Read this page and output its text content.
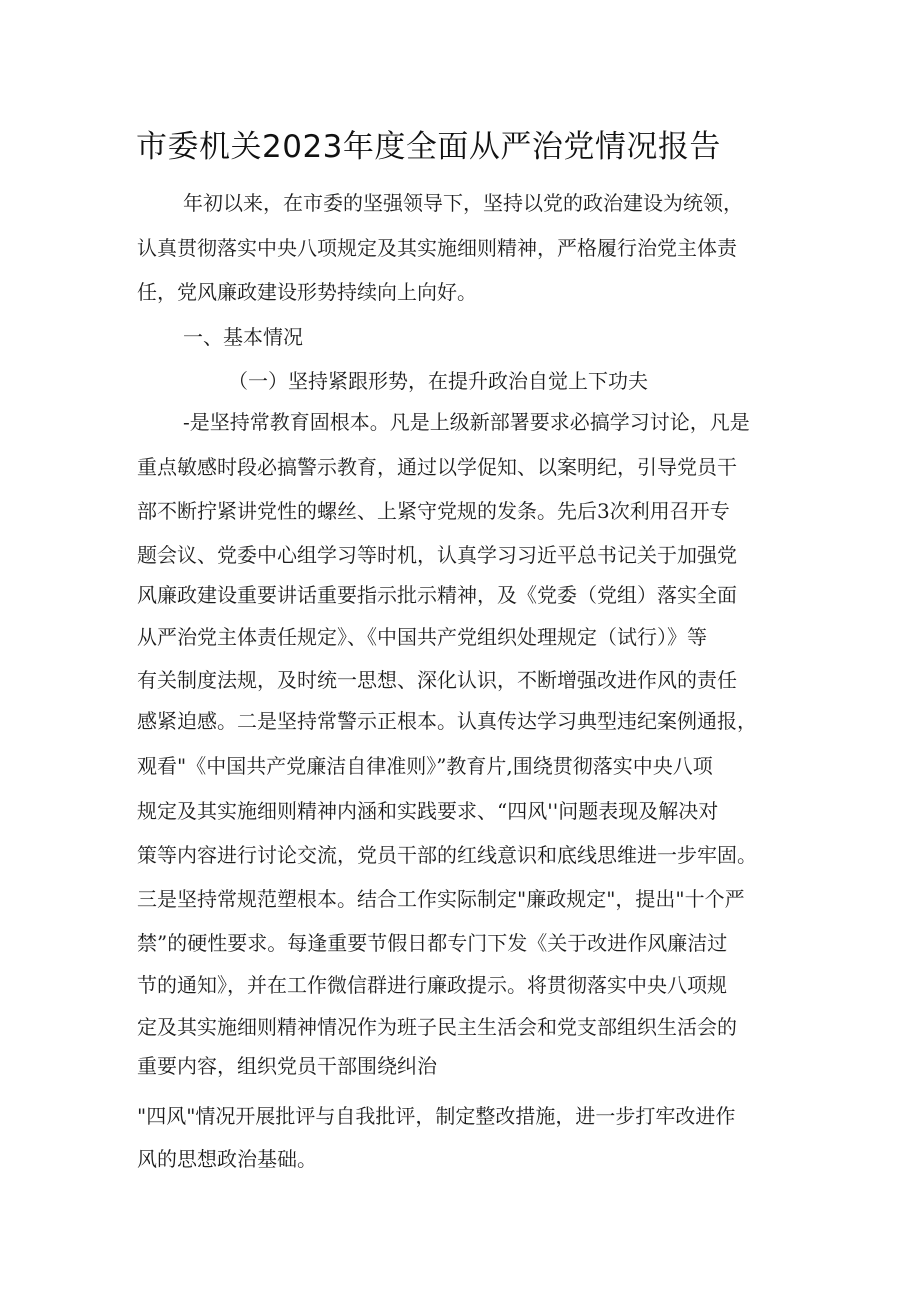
市委机关2023年度全面从严治党情况报告
年初以来，在市委的坚强领导下，坚持以党的政治建设为统领，
认真贯彻落实中央八项规定及其实施细则精神，严格履行治党主体责
任，党风廉政建设形势持续向上向好。
一、基本情况
（一）坚持紧跟形势，在提升政治自觉上下功夫
-是坚持常教育固根本。凡是上级新部署要求必搞学习讨论，凡是
重点敏感时段必搞警示教育，通过以学促知、以案明纪，引导党员干
部不断拧紧讲党性的螺丝、上紧守党规的发条。先后3次利用召开专
题会议、党委中心组学习等时机，认真学习习近平总书记关于加强党
风廉政建设重要讲话重要指示批示精神，及《党委（党组）落实全面
从严治党主体责任规定》、《中国共产党组织处理规定（试行）》等
有关制度法规，及时统一思想、深化认识，不断增强改进作风的责任
感紧迫感。二是坚持常警示正根本。认真传达学习典型违纪案例通报，
观看"《中国共产党廉洁自律准则》”教育片,围绕贯彻落实中央八项
规定及其实施细则精神内涵和实践要求、“四风''问题表现及解决对
策等内容进行讨论交流，党员干部的红线意识和底线思维进一步牢固。
三是坚持常规范塑根本。结合工作实际制定"廉政规定"，提出"十个严
禁”的硬性要求。每逢重要节假日都专门下发《关于改进作风廉洁过
节的通知》，并在工作微信群进行廉政提示。将贯彻落实中央八项规
定及其实施细则精神情况作为班子民主生活会和党支部组织生活会的
重要内容，组织党员干部围绕纠治
"四风"情况开展批评与自我批评，制定整改措施，进一步打牢改进作
风的思想政治基础。
